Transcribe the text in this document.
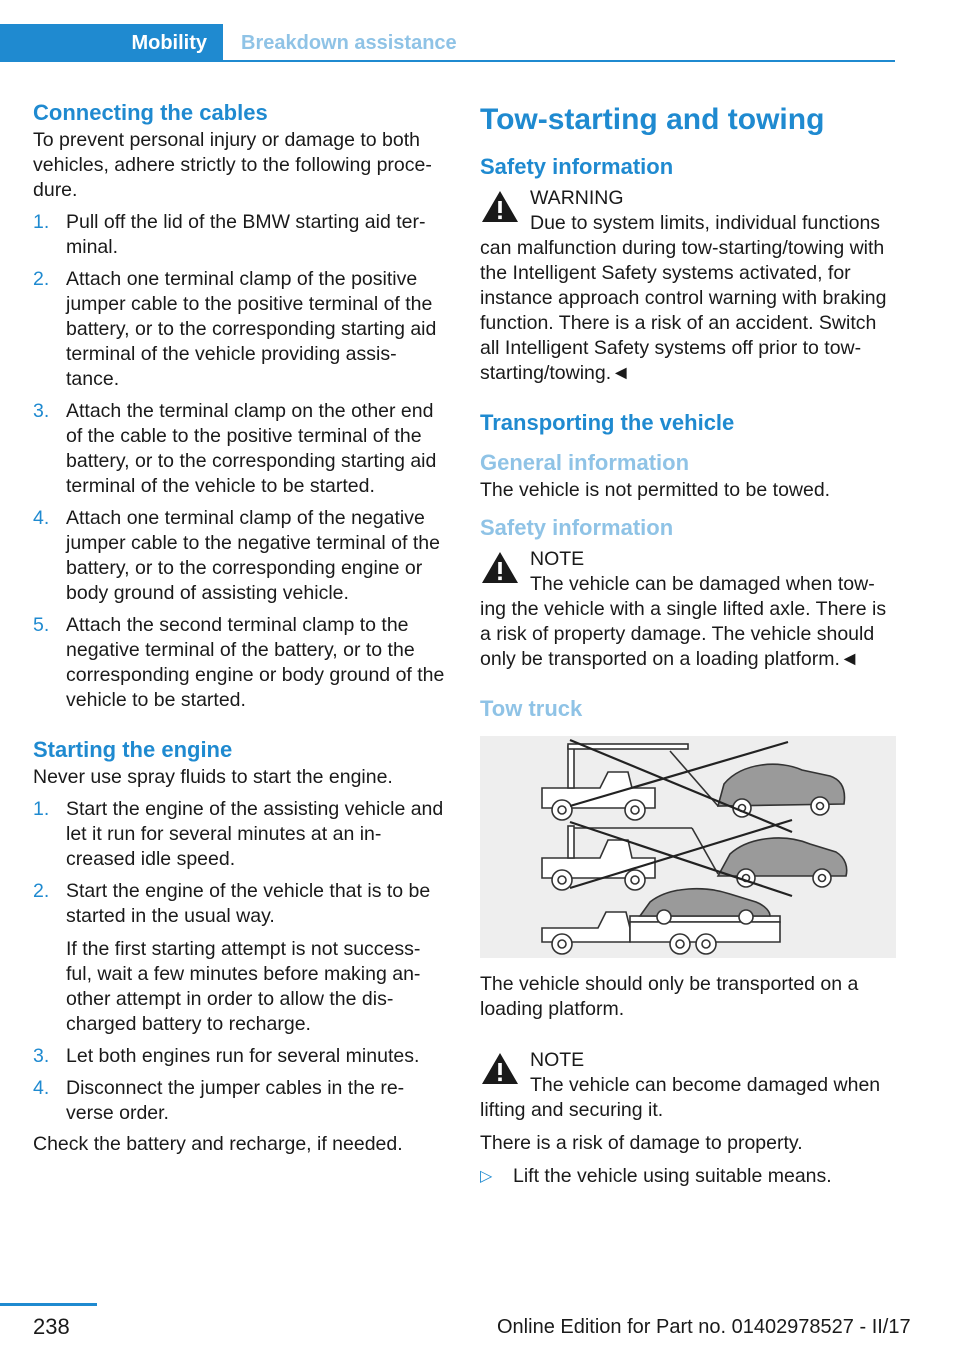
Mobility	Breakdown assistance
Connecting the cables

To prevent personal injury or damage to both vehicles, adhere strictly to the following proce‐dure.

1. Pull off the lid of the BMW starting aid ter‐minal.
2. Attach one terminal clamp of the positive jumper cable to the positive terminal of the battery, or to the corresponding starting aid terminal of the vehicle providing assis‐tance.
3. Attach the terminal clamp on the other end of the cable to the positive terminal of the battery, or to the corresponding starting aid terminal of the vehicle to be started.
4. Attach one terminal clamp of the negative jumper cable to the negative terminal of the battery, or to the corresponding engine or body ground of assisting vehicle.
5. Attach the second terminal clamp to the negative terminal of the battery, or to the corresponding engine or body ground of the vehicle to be started.
Starting the engine

Never use spray fluids to start the engine.

1. Start the engine of the assisting vehicle and let it run for several minutes at an in‐creased idle speed.
2. Start the engine of the vehicle that is to be started in the usual way.
If the first starting attempt is not success‐ful, wait a few minutes before making an‐other attempt in order to allow the dis‐charged battery to recharge.
3. Let both engines run for several minutes.
4. Disconnect the jumper cables in the re‐verse order.

Check the battery and recharge, if needed.

Tow-starting and towing
Safety information
WARNING
Due to system limits, individual functions
can malfunction during tow-starting/towing with the Intelligent Safety systems activated, for instance approach control warning with braking function. There is a risk of an accident. Switch all Intelligent Safety systems off prior to tow-starting/towing.◄
Transporting the vehicle
General information

The vehicle is not permitted to be towed.

Safety information
NOTE
The vehicle can be damaged when tow‐
ing the vehicle with a single lifted axle. There is a risk of property damage. The vehicle should only be transported on a loading platform.◄
Tow truck

The vehicle should only be transported on a loading platform.

NOTE
The vehicle can become damaged when
lifting and securing it.

There is a risk of damage to property.

▷ Lift the vehicle using suitable means.
238	Online Edition for Part no. 01402978527 - II/17
